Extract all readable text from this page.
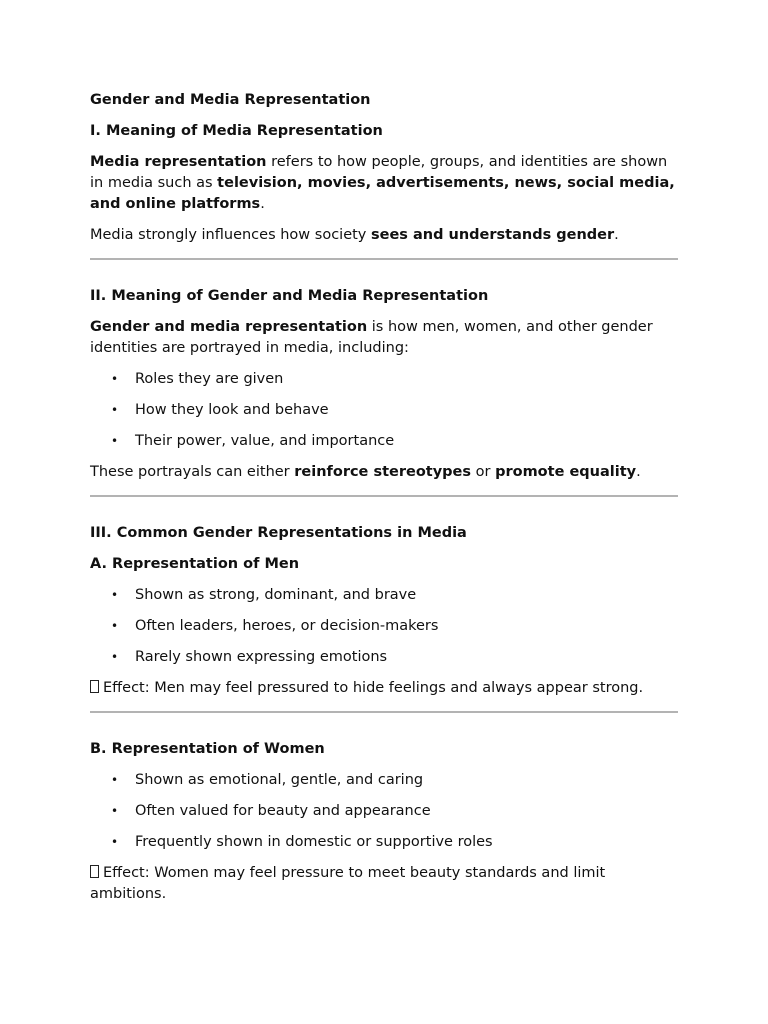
Gender and Media Representation
I. Meaning of Media Representation

Media representation refers to how people, groups, and identities are shown in media such as television, movies, advertisements, news, social media, and online platforms.

Media strongly influences how society sees and understands gender.

II. Meaning of Gender and Media Representation

Gender and media representation is how men, women, and other gender identities are portrayed in media, including:

• Roles they are given
• How they look and behave
• Their power, value, and importance

These portrayals can either reinforce stereotypes or promote equality.

III. Common Gender Representations in Media
A. Representation of Men
• Shown as strong, dominant, and brave
• Often leaders, heroes, or decision-makers
• Rarely shown expressing emotions

Effect: Men may feel pressured to hide feelings and always appear strong.

B. Representation of Women
• Shown as emotional, gentle, and caring
• Often valued for beauty and appearance
• Frequently shown in domestic or supportive roles

Effect: Women may feel pressure to meet beauty standards and limit ambitions.
